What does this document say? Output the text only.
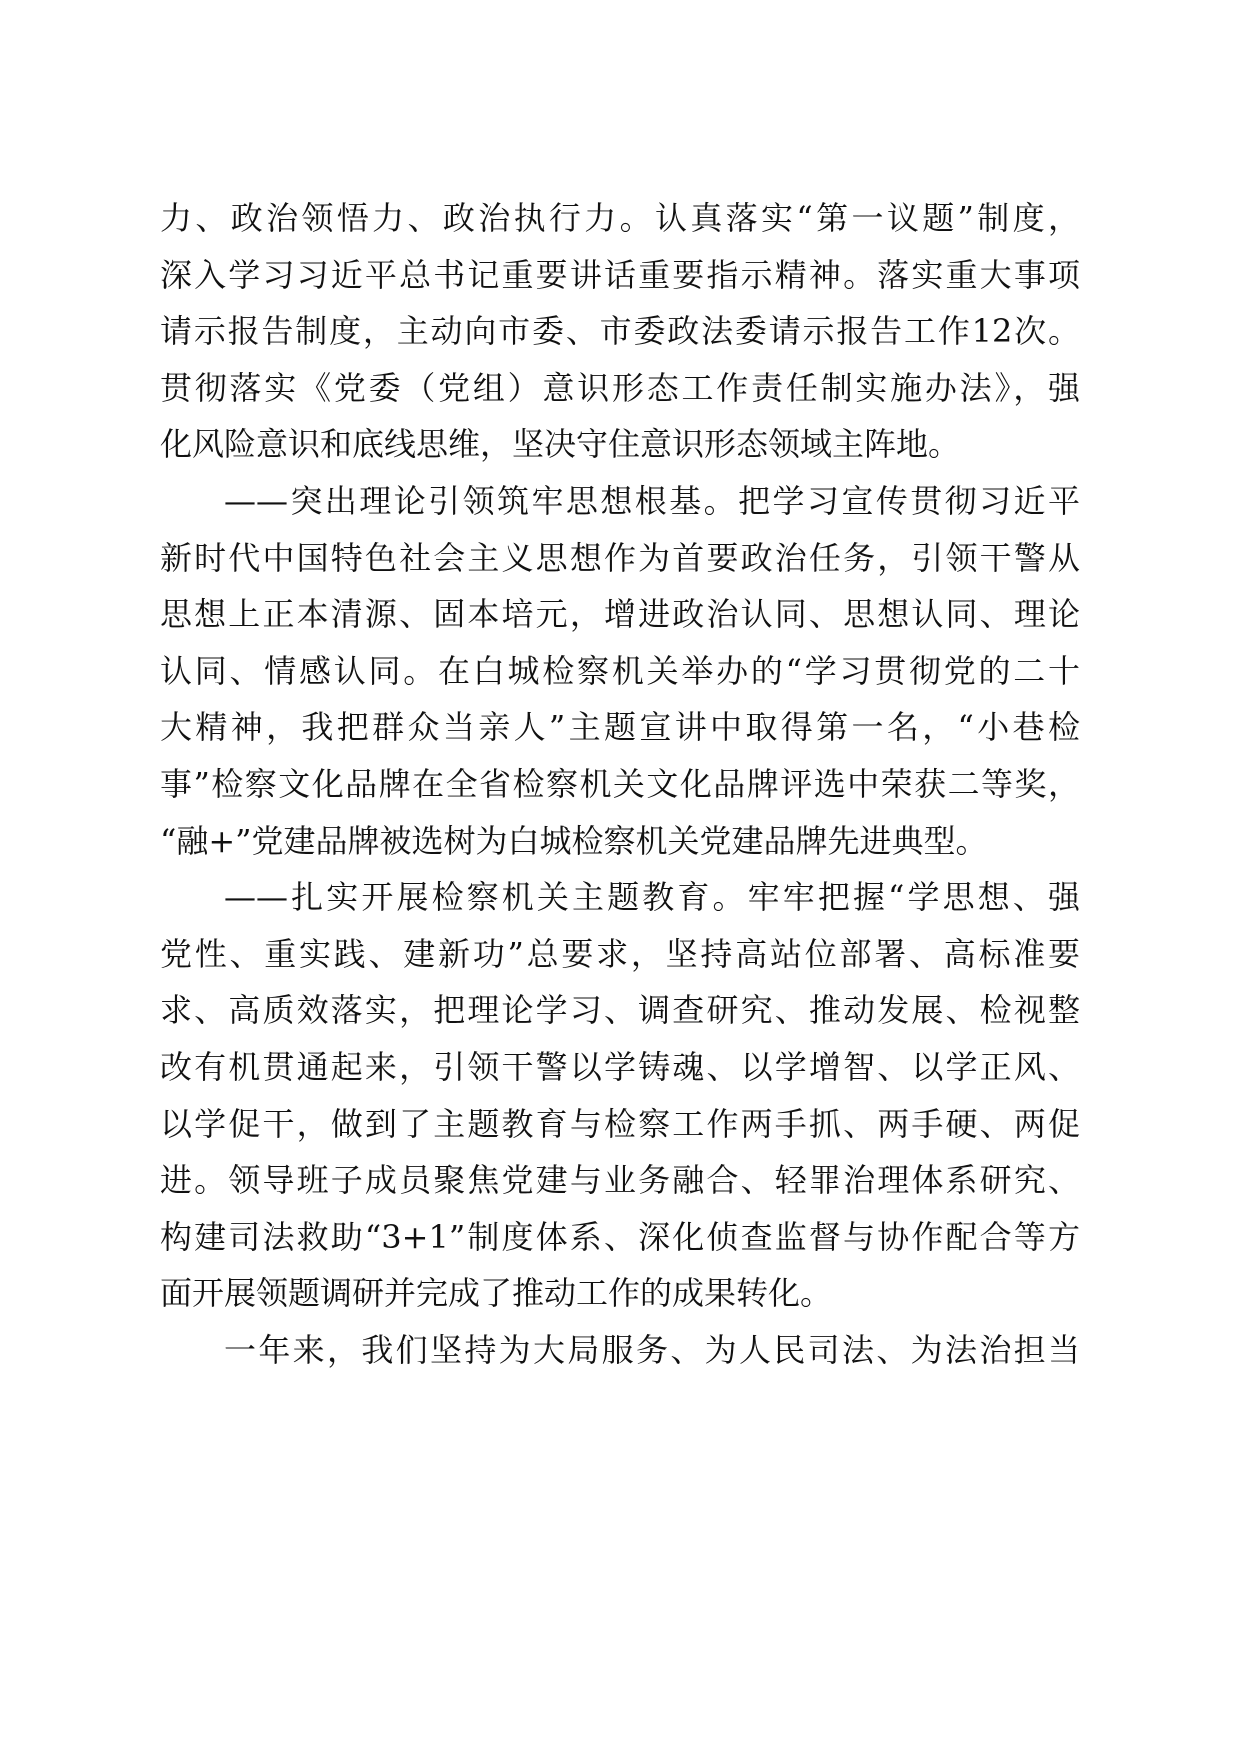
力、政治领悟力、政治执行力。认真落实“第一议题”制度，
深入学习习近平总书记重要讲话重要指示精神。落实重大事项
请示报告制度，主动向市委、市委政法委请示报告工作12次。
贯彻落实《党委（党组）意识形态工作责任制实施办法》，强
化风险意识和底线思维，坚决守住意识形态领域主阵地。
——突出理论引领筑牢思想根基。把学习宣传贯彻习近平
新时代中国特色社会主义思想作为首要政治任务，引领干警从
思想上正本清源、固本培元，增进政治认同、思想认同、理论
认同、情感认同。在白城检察机关举办的“学习贯彻党的二十
大精神，我把群众当亲人”主题宣讲中取得第一名，“小巷检
事”检察文化品牌在全省检察机关文化品牌评选中荣获二等奖，
“融+”党建品牌被选树为白城检察机关党建品牌先进典型。
——扎实开展检察机关主题教育。牢牢把握“学思想、强
党性、重实践、建新功”总要求，坚持高站位部署、高标准要
求、高质效落实，把理论学习、调查研究、推动发展、检视整
改有机贯通起来，引领干警以学铸魂、以学增智、以学正风、
以学促干，做到了主题教育与检察工作两手抓、两手硬、两促
进。领导班子成员聚焦党建与业务融合、轻罪治理体系研究、
构建司法救助“3+1”制度体系、深化侦查监督与协作配合等方
面开展领题调研并完成了推动工作的成果转化。
一年来，我们坚持为大局服务、为人民司法、为法治担当
